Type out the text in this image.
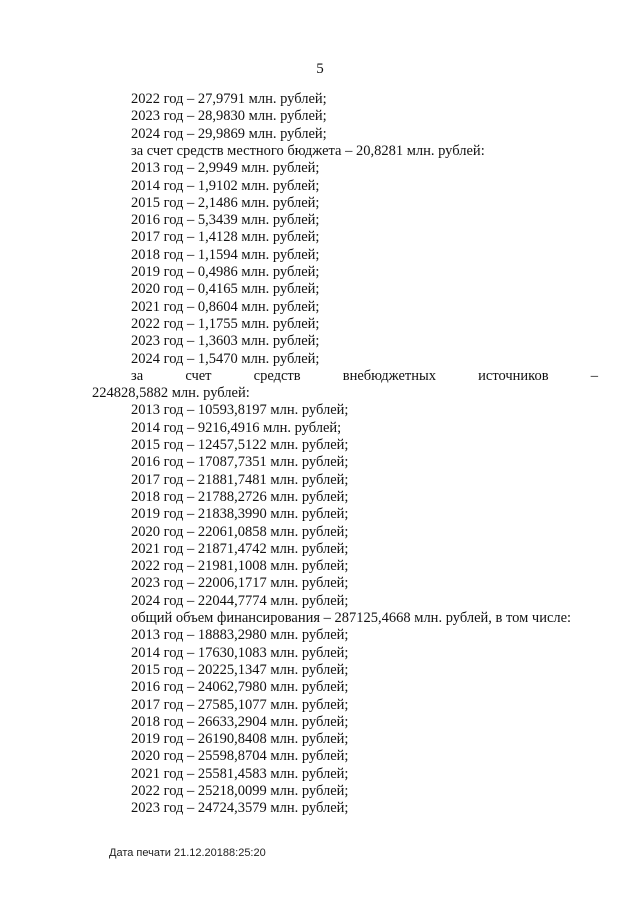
5
2022 год – 27,9791 млн. рублей;
2023 год – 28,9830 млн. рублей;
2024 год – 29,9869 млн. рублей;
за счет средств местного бюджета – 20,8281 млн. рублей:
2013 год – 2,9949 млн. рублей;
2014 год – 1,9102 млн. рублей;
2015 год – 2,1486 млн. рублей;
2016 год – 5,3439 млн. рублей;
2017 год – 1,4128 млн. рублей;
2018 год – 1,1594 млн. рублей;
2019 год – 0,4986 млн. рублей;
2020 год – 0,4165 млн. рублей;
2021 год – 0,8604 млн. рублей;
2022 год – 1,1755 млн. рублей;
2023 год – 1,3603 млн. рублей;
2024 год – 1,5470 млн. рублей;
за	счет	средств	внебюджетных	источников	–
224828,5882 млн. рублей:
2013 год – 10593,8197 млн. рублей;
2014 год – 9216,4916 млн. рублей;
2015 год – 12457,5122 млн. рублей;
2016 год – 17087,7351 млн. рублей;
2017 год – 21881,7481 млн. рублей;
2018 год – 21788,2726 млн. рублей;
2019 год – 21838,3990 млн. рублей;
2020 год – 22061,0858 млн. рублей;
2021 год – 21871,4742 млн. рублей;
2022 год – 21981,1008 млн. рублей;
2023 год – 22006,1717 млн. рублей;
2024 год – 22044,7774 млн. рублей;
общий объем финансирования – 287125,4668 млн. рублей, в том числе:
2013 год – 18883,2980 млн. рублей;
2014 год – 17630,1083 млн. рублей;
2015 год – 20225,1347 млн. рублей;
2016 год – 24062,7980 млн. рублей;
2017 год – 27585,1077 млн. рублей;
2018 год – 26633,2904 млн. рублей;
2019 год – 26190,8408 млн. рублей;
2020 год – 25598,8704 млн. рублей;
2021 год – 25581,4583 млн. рублей;
2022 год – 25218,0099 млн. рублей;
2023 год – 24724,3579 млн. рублей;
Дата печати 21.12.20188:25:20
